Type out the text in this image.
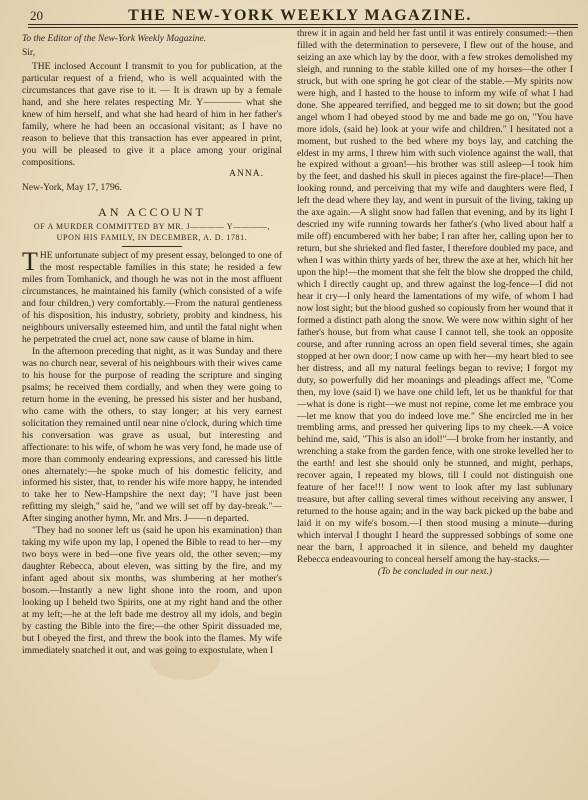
20	THE NEW-YORK WEEKLY MAGAZINE.

To the Editor of the New-York Weekly Magazine.

Sir,

THE inclosed Account I transmit to you for publication, at the particular request of a friend, who is well acquainted with the circumstances that gave rise to it. — It is drawn up by a female hand, and she here relates respecting Mr. Y———— what she knew of him herself, and what she had heard of him in her father's family, where he had been an occasional visitant; as I have no reason to believe that this transaction has ever appeared in print, you will be pleased to give it a place among your original compositions.

ANNA.

New-York, May 17, 1796.

AN ACCOUNT
OF A MURDER COMMITTED BY MR. J———— Y————, UPON HIS FAMILY, IN DECEMBER, A. D. 1781.

THE unfortunate subject of my present essay, belonged to one of the most respectable families in this state; he resided a few miles from Tomhanick, and though he was not in the most affluent circumstances, he maintained his family (which consisted of a wife and four children,) very comfortably.—From the natural gentleness of his disposition, his industry, sobriety, probity and kindness, his neighbours universally esteemed him, and until the fatal night when he perpetrated the cruel act, none saw cause of blame in him.

In the afternoon preceding that night, as it was Sunday and there was no church near, several of his neighbours with their wives came to his house for the purpose of reading the scripture and singing psalms; he received them cordially, and when they were going to return home in the evening, he pressed his sister and her husband, who came with the others, to stay longer; at his very earnest solicitation they remained until near nine o'clock, during which time his conversation was grave as usual, but interesting and affectionate: to his wife, of whom he was very fond, he made use of more than commonly endearing expressions, and caressed his little ones alternately:—he spoke much of his domestic felicity, and informed his sister, that, to render his wife more happy, he intended to take her to New-Hampshire the next day; "I have just been refitting my sleigh," said he, "and we will set off by day-break."—After singing another hymn, Mr. and Mrs. J——n departed.

"They had no sooner left us (said he upon his examination) than taking my wife upon my lap, I opened the Bible to read to her—my two boys were in bed—one five years old, the other seven;—my daughter Rebecca, about eleven, was sitting by the fire, and my infant aged about six months, was slumbering at her mother's bosom.—Instantly a new light shone into the room, and upon looking up I beheld two Spirits, one at my right hand and the other at my left;—he at the left bade me destroy all my idols, and begin by casting the Bible into the fire;—the other Spirit dissuaded me, but I obeyed the first, and threw the book into the flames. My wife immediately snatched it out, and was going to expostulate, when I

threw it in again and held her fast until it was entirely consumed:—then filled with the determination to persevere, I flew out of the house, and seizing an axe which lay by the door, with a few strokes demolished my sleigh, and running to the stable killed one of my horses—the other I struck, but with one spring he got clear of the stable.—My spirits now were high, and I hasted to the house to inform my wife of what I had done. She appeared terrified, and begged me to sit down; but the good angel whom I had obeyed stood by me and bade me go on, "You have more idols, (said he) look at your wife and children." I hesitated not a moment, but rushed to the bed where my boys lay, and catching the eldest in my arms, I threw him with such violence against the wall, that he expired without a groan!—his brother was still asleep—I took him by the feet, and dashed his skull in pieces against the fire-place!—Then looking round, and perceiving that my wife and daughters were fled, I left the dead where they lay, and went in pursuit of the living, taking up the axe again.—A slight snow had fallen that evening, and by its light I descried my wife running towards her father's (who lived about half a mile off) encumbered with her babe; I ran after her, calling upon her to return, but she shrieked and fled faster, I therefore doubled my pace, and when I was within thirty yards of her, threw the axe at her, which hit her upon the hip!—the moment that she felt the blow she dropped the child, which I directly caught up, and threw against the log-fence—I did not hear it cry—I only heard the lamentations of my wife, of whom I had now lost sight; but the blood gushed so copiously from her wound that it formed a distinct path along the snow. We were now within sight of her father's house, but from what cause I cannot tell, she took an opposite course, and after running across an open field several times, she again stopped at her own door; I now came up with her—my heart bled to see her distress, and all my natural feelings began to revive; I forgot my duty, so powerfully did her moanings and pleadings affect me, "Come then, my love (said I) we have one child left, let us be thankful for that—what is done is right—we must not repine, come let me embrace you—let me know that you do indeed love me." She encircled me in her trembling arms, and pressed her quivering lips to my cheek.—A voice behind me, said, "This is also an idol!"—I broke from her instantly, and wrenching a stake from the garden fence, with one stroke levelled her to the earth! and lest she should only be stunned, and might, perhaps, recover again, I repeated my blows, till I could not distinguish one feature of her face!!! I now went to look after my last sublunary treasure, but after calling several times without receiving any answer, I returned to the house again; and in the way back picked up the babe and laid it on my wife's bosom.—I then stood musing a minute—during which interval I thought I heard the suppressed sobbings of some one near the barn, I approached it in silence, and beheld my daughter Rebecca endeavouring to conceal herself among the hay-stacks.—

(To be concluded in our next.)
